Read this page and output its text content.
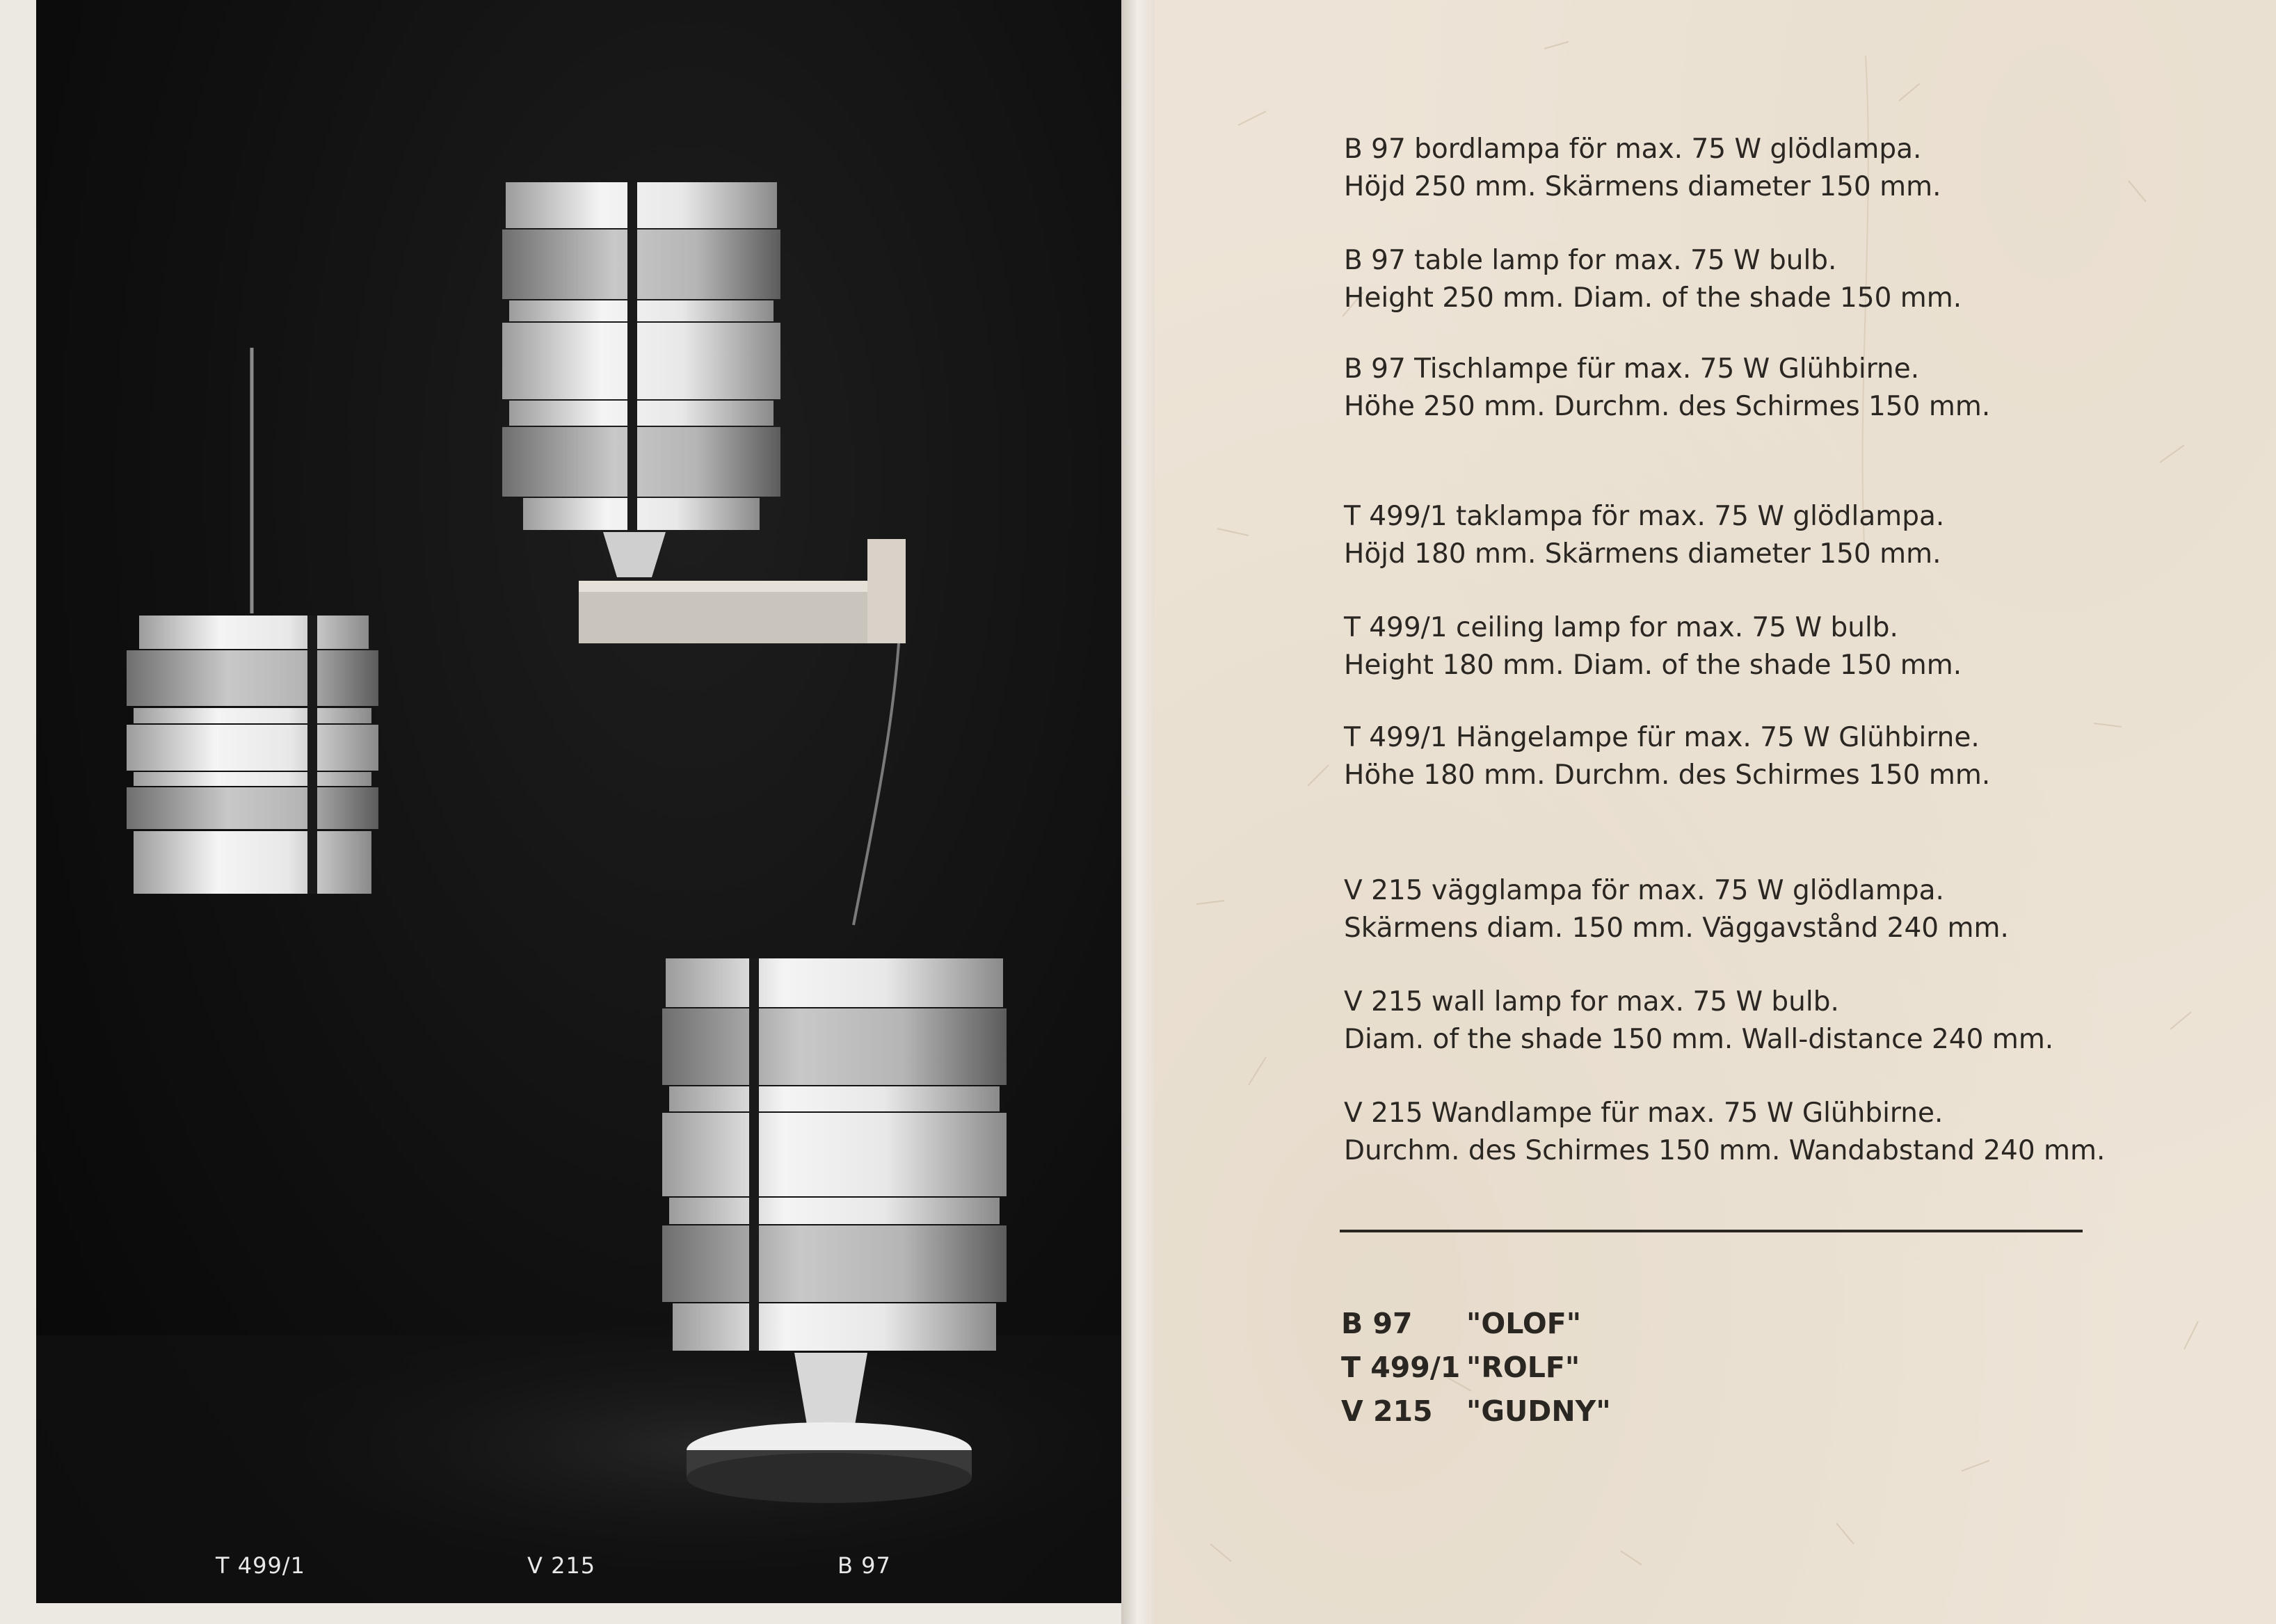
T 499/1	V 215	B 97
B 97 bordlampa för max. 75 W glödlampa.
Höjd 250 mm. Skärmens diameter 150 mm.
B 97 table lamp for max. 75 W bulb.
Height 250 mm. Diam. of the shade 150 mm.
B 97 Tischlampe für max. 75 W Glühbirne.
Höhe 250 mm. Durchm. des Schirmes 150 mm.
T 499/1 taklampa för max. 75 W glödlampa.
Höjd 180 mm. Skärmens diameter 150 mm.
T 499/1 ceiling lamp for max. 75 W bulb.
Height 180 mm. Diam. of the shade 150 mm.
T 499/1 Hängelampe für max. 75 W Glühbirne.
Höhe 180 mm. Durchm. des Schirmes 150 mm.
V 215 vägglampa för max. 75 W glödlampa.
Skärmens diam. 150 mm. Väggavstånd 240 mm.
V 215 wall lamp for max. 75 W bulb.
Diam. of the shade 150 mm. Wall-distance 240 mm.
V 215 Wandlampe für max. 75 W Glühbirne.
Durchm. des Schirmes 150 mm. Wandabstand 240 mm.
B 97	"OLOF"
T 499/1 "ROLF"
V 215	"GUDNY"
